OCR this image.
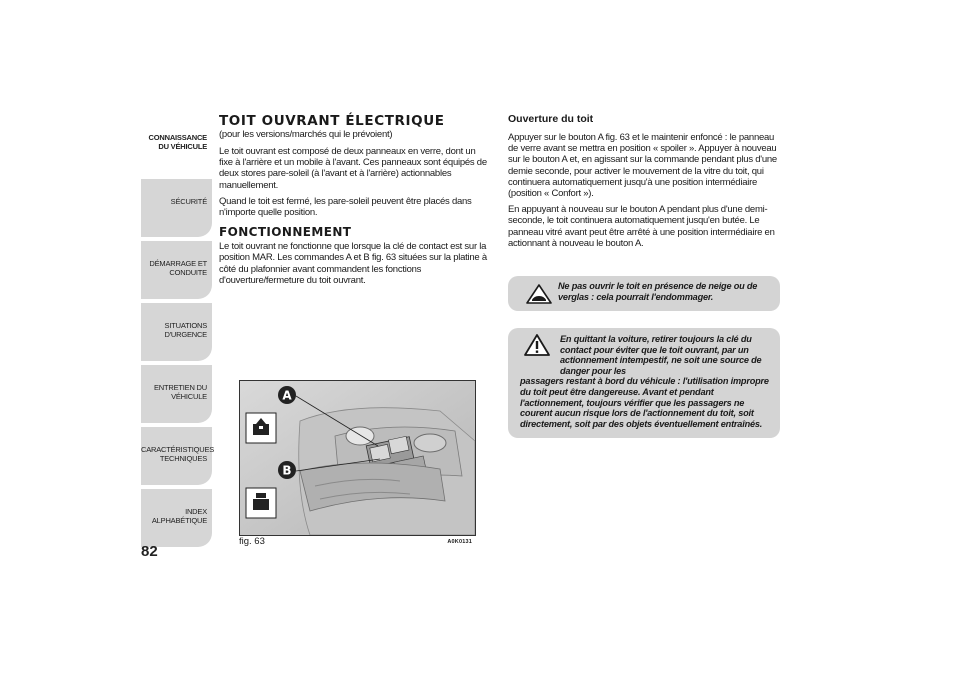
CONNAISSANCE
DU VÉHICULE
SÉCURITÉ
DÉMARRAGE ET
CONDUITE
SITUATIONS
D'URGENCE
ENTRETIEN DU
VÉHICULE
CARACTÉRISTIQUES
TECHNIQUES
INDEX
ALPHABÉTIQUE
82
TOIT OUVRANT ÉLECTRIQUE

(pour les versions/marchés qui le prévoient)

Le toit ouvrant est composé de deux panneaux en verre, dont un fixe à l'arrière et un mobile à l'avant. Ces panneaux sont équipés de deux stores pare-soleil (à l'avant et à l'arrière) actionnables manuellement.

Quand le toit est fermé, les pare-soleil peuvent être placés dans n'importe quelle position.

FONCTIONNEMENT

Le toit ouvrant ne fonctionne que lorsque la clé de contact est sur la position MAR. Les commandes A et B fig. 63 situées sur la platine à côté du plafonnier avant commandent les fonctions d'ouverture/fermeture du toit ouvrant.

A
B
fig. 63	A0K0131
Ouverture du toit

Appuyer sur le bouton A fig. 63 et le maintenir enfoncé : le panneau de verre avant se mettra en position « spoiler ». Appuyer à nouveau sur le bouton A et, en agissant sur la commande pendant plus d'une demie seconde, pour activer le mouvement de la vitre du toit, qui continuera automatiquement jusqu'à une position intermédiaire (position « Confort »).

En appuyant à nouveau sur le bouton A pendant plus d'une demi-seconde, le toit continuera automatiquement jusqu'en butée. Le panneau vitré avant peut être arrêté à une position intermédiaire en actionnant à nouveau le bouton A.

Ne pas ouvrir le toit en présence de neige ou de verglas : cela pourrait l'endommager.
En quittant la voiture, retirer toujours la clé du contact pour éviter que le toit ouvrant, par un actionnement intempestif, ne soit une source de danger pour les
passagers restant à bord du véhicule : l'utilisation impropre du toit peut être dangereuse. Avant et pendant l'actionnement, toujours vérifier que les passagers ne courent aucun risque lors de l'actionnement du toit, soit directement, soit par des objets éventuellement entraînés.
